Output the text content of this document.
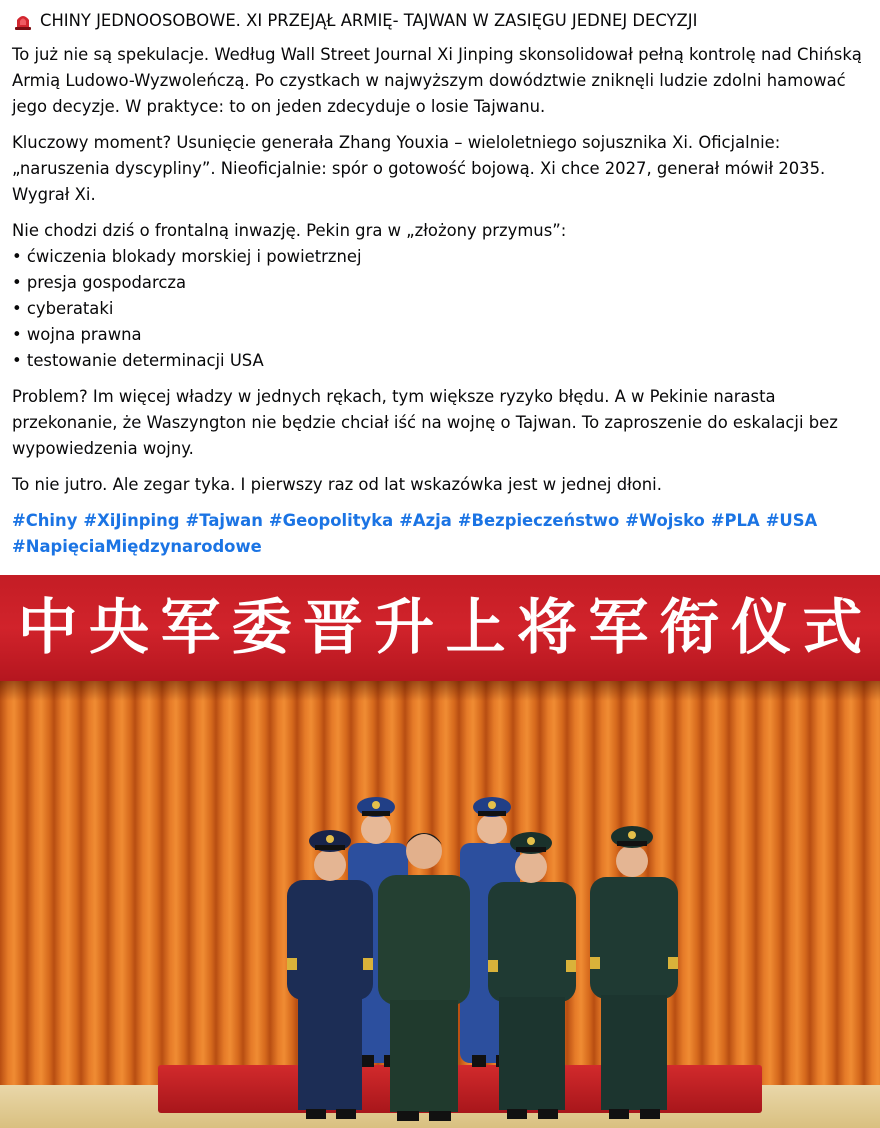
CHINY JEDNOOSOBOWE. XI PRZEJĄŁ ARMIĘ- TAJWAN W ZASIĘGU JEDNEJ DECYZJI

To już nie są spekulacje. Według Wall Street Journal Xi Jinping skonsolidował pełną kontrolę nad Chińską Armią Ludowo-Wyzwoleńczą. Po czystkach w najwyższym dowództwie zniknęli ludzie zdolni hamować jego decyzje. W praktyce: to on jeden zdecyduje o losie Tajwanu.

Kluczowy moment? Usunięcie generała Zhang Youxia – wieloletniego sojusznika Xi. Oficjalnie: „naruszenia dyscypliny”. Nieoficjalnie: spór o gotowość bojową. Xi chce 2027, generał mówił 2035. Wygrał Xi.

Nie chodzi dziś o frontalną inwazję. Pekin gra w „złożony przymus”:

• ćwiczenia blokady morskiej i powietrznej
• presja gospodarcza
• cyberataki
• wojna prawna
• testowanie determinacji USA

Problem? Im więcej władzy w jednych rękach, tym większe ryzyko błędu. A w Pekinie narasta przekonanie, że Waszyngton nie będzie chciał iść na wojnę o Tajwan. To zaproszenie do eskalacji bez wypowiedzenia wojny.

To nie jutro. Ale zegar tyka. I pierwszy raz od lat wskazówka jest w jednej dłoni.

#Chiny #XiJinping #Tajwan #Geopolityka #Azja #Bezpieczeństwo #Wojsko #PLA #USA
#NapięciaMiędzynarodowe

中 央 军 委 晋 升 上 将 军 衔 仪 式
